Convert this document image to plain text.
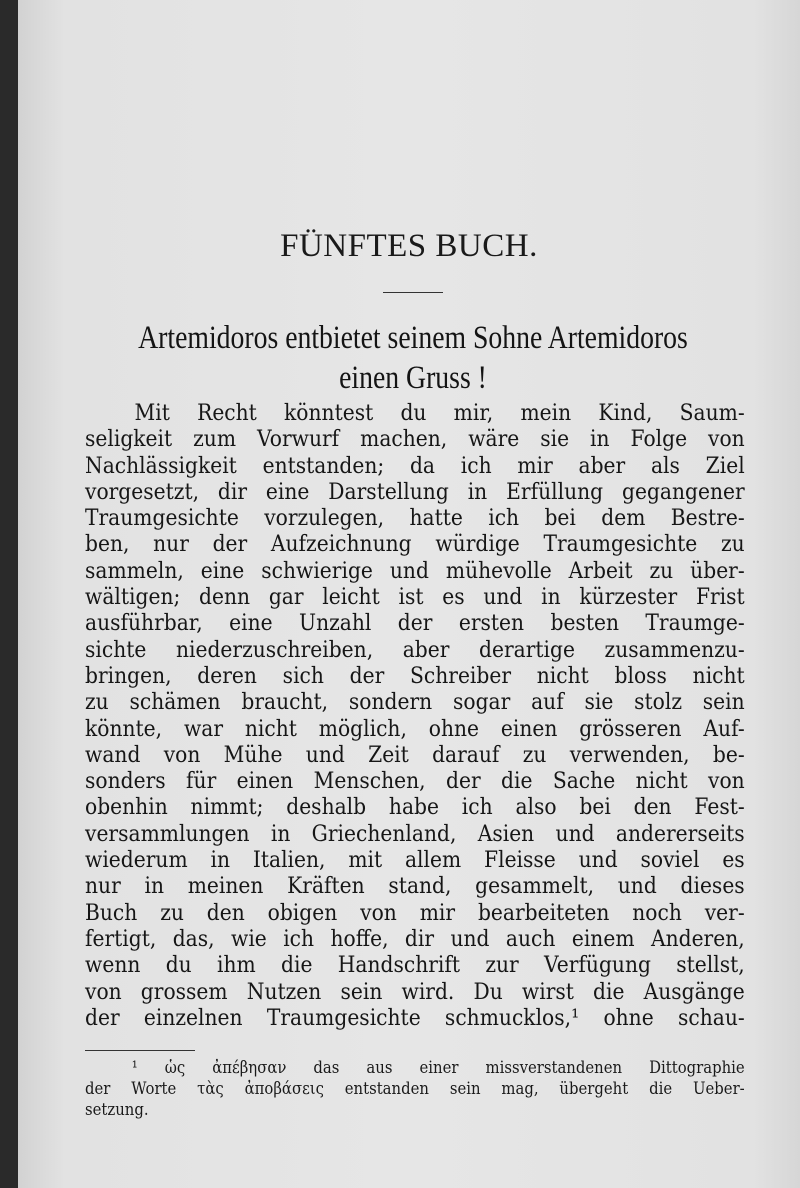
FÜNFTES BUCH.
Artemidoros entbietet seinem Sohne Artemidoros
einen Gruss !
Mit Recht könntest du mir, mein Kind, Saum-
seligkeit zum Vorwurf machen, wäre sie in Folge von
Nachlässigkeit entstanden; da ich mir aber als Ziel
vorgesetzt, dir eine Darstellung in Erfüllung gegangener
Traumgesichte vorzulegen, hatte ich bei dem Bestre-
ben, nur der Aufzeichnung würdige Traumgesichte zu
sammeln, eine schwierige und mühevolle Arbeit zu über-
wältigen; denn gar leicht ist es und in kürzester Frist
ausführbar, eine Unzahl der ersten besten Traumge-
sichte niederzuschreiben, aber derartige zusammenzu-
bringen, deren sich der Schreiber nicht bloss nicht
zu schämen braucht, sondern sogar auf sie stolz sein
könnte, war nicht möglich, ohne einen grösseren Auf-
wand von Mühe und Zeit darauf zu verwenden, be-
sonders für einen Menschen, der die Sache nicht von
obenhin nimmt; deshalb habe ich also bei den Fest-
versammlungen in Griechenland, Asien und andererseits
wiederum in Italien, mit allem Fleisse und soviel es
nur in meinen Kräften stand, gesammelt, und dieses
Buch zu den obigen von mir bearbeiteten noch ver-
fertigt, das, wie ich hoffe, dir und auch einem Anderen,
wenn du ihm die Handschrift zur Verfügung stellst,
von grossem Nutzen sein wird. Du wirst die Ausgänge
der einzelnen Traumgesichte schmucklos,¹ ohne schau-
¹ ὡς ἀπέβησαν das aus einer missverstandenen Dittographie
der Worte τὰς ἀποβάσεις entstanden sein mag, übergeht die Ueber-
setzung.
